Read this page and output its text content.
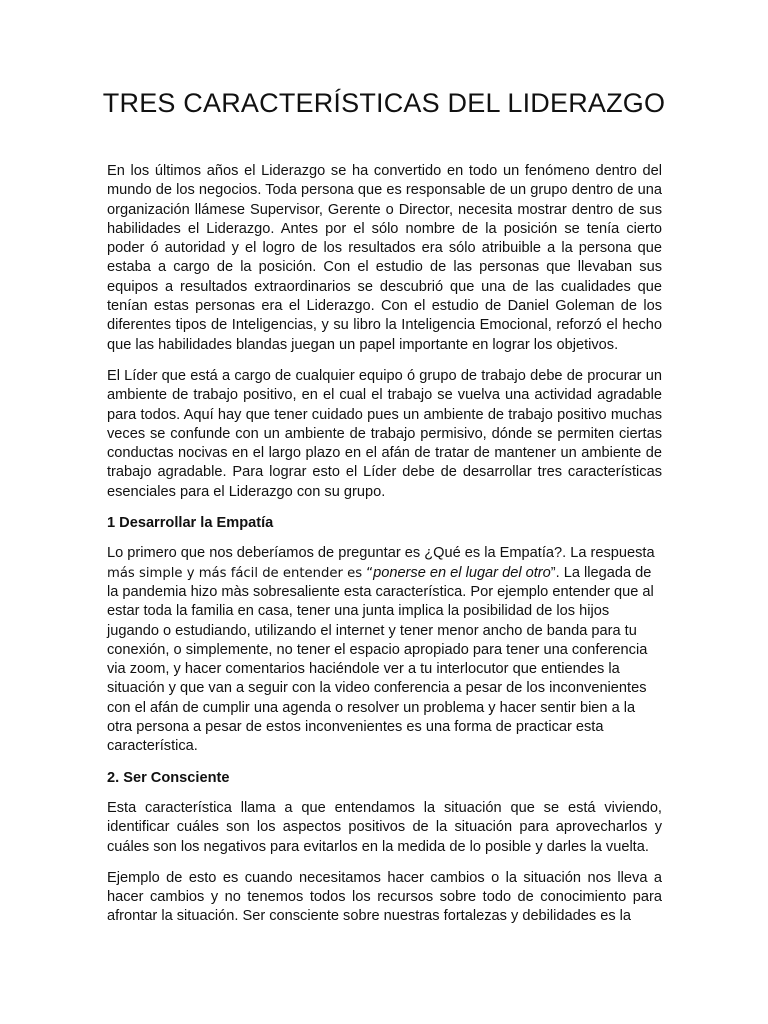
TRES CARACTERÍSTICAS DEL LIDERAZGO

En los últimos años el Liderazgo se ha convertido en todo un fenómeno dentro del mundo de los negocios. Toda persona que es responsable de un grupo dentro de una organización llámese Supervisor, Gerente o Director, necesita mostrar dentro de sus habilidades el Liderazgo. Antes por el sólo nombre de la posición se tenía cierto poder ó autoridad y el logro de los resultados era sólo atribuible a la persona que estaba a cargo de la posición. Con el estudio de las personas que llevaban sus equipos a resultados extraordinarios se descubrió que una de las cualidades que tenían estas personas era el Liderazgo. Con el estudio de Daniel Goleman de los diferentes tipos de Inteligencias, y su libro la Inteligencia Emocional, reforzó el hecho que las habilidades blandas juegan un papel importante en lograr los objetivos.

El Líder que está a cargo de cualquier equipo ó grupo de trabajo debe de procurar un ambiente de trabajo positivo, en el cual el trabajo se vuelva una actividad agradable para todos. Aquí hay que tener cuidado pues un ambiente de trabajo positivo muchas veces se confunde con un ambiente de trabajo permisivo, dónde se permiten ciertas conductas nocivas en el largo plazo en el afán de tratar de mantener un ambiente de trabajo agradable. Para lograr esto el Líder debe de desarrollar tres características esenciales para el Liderazgo con su grupo.

1 Desarrollar la Empatía

Lo primero que nos deberíamos de preguntar es ¿Qué es la Empatía?. La respuesta más simple y más fácil de entender es “ponerse en el lugar del otro”. La llegada de la pandemia hizo màs sobresaliente esta característica. Por ejemplo entender que al estar toda la familia en casa, tener una junta implica la posibilidad de los hijos jugando o estudiando, utilizando el internet y tener menor ancho de banda para tu conexión, o simplemente, no tener el espacio apropiado para tener una conferencia via zoom, y hacer comentarios haciéndole ver a tu interlocutor que entiendes la situación y que van a seguir con la video conferencia a pesar de los inconvenientes con el afán de cumplir una agenda o resolver un problema y hacer sentir bien a la otra persona a pesar de estos inconvenientes es una forma de practicar esta característica.

2. Ser Consciente

Esta característica llama a que entendamos la situación que se está viviendo, identificar cuáles son los aspectos positivos de la situación para aprovecharlos y cuáles son los negativos para evitarlos en la medida de lo posible y darles la vuelta.

Ejemplo de esto es cuando necesitamos hacer cambios o la situación nos lleva a hacer cambios y no tenemos todos los recursos sobre todo de conocimiento para afrontar la situación. Ser consciente sobre nuestras fortalezas y debilidades es la
